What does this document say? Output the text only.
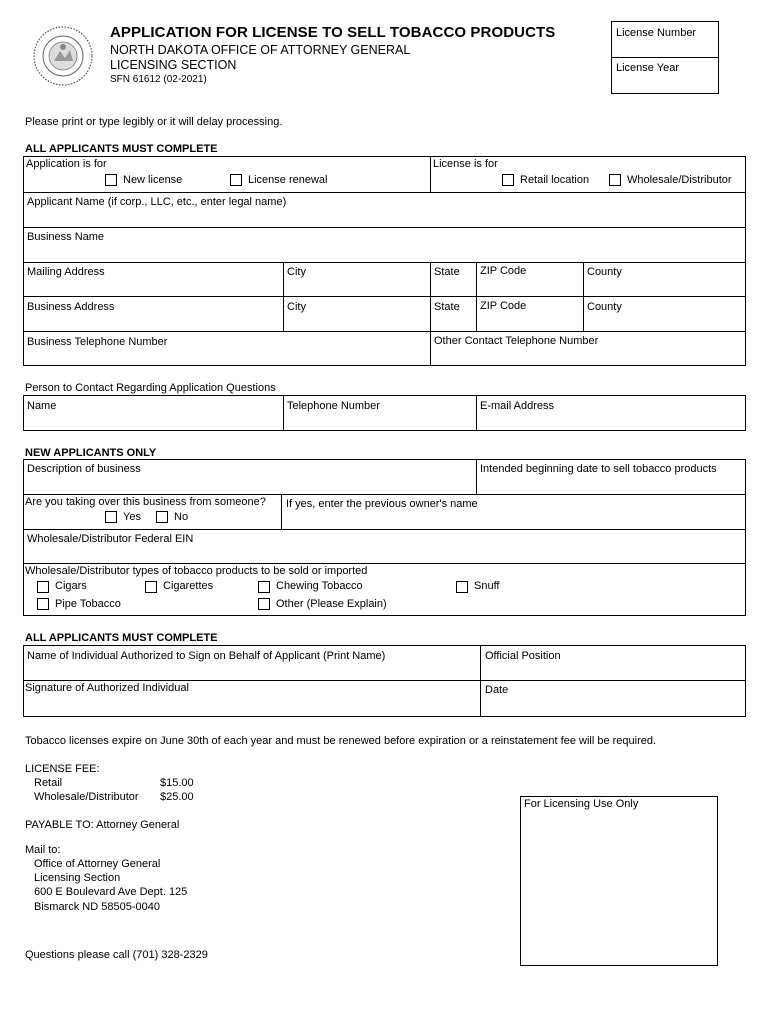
APPLICATION FOR LICENSE TO SELL TOBACCO PRODUCTS
NORTH DAKOTA OFFICE OF ATTORNEY GENERAL
LICENSING SECTION
SFN 61612 (02-2021)
License Number
License Year
Please print or type legibly or it will delay processing.
ALL APPLICANTS MUST COMPLETE
Application is for
New license	License renewal
License is for
Retail location	Wholesale/Distributor
Applicant Name (if corp., LLC, etc., enter legal name)
Business Name
Mailing Address	City	State ZIP Code	County
Business Address	City	State ZIP Code	County
Business Telephone Number	Other Contact Telephone Number
Person to Contact Regarding Application Questions
Name	Telephone Number	E-mail Address
NEW APPLICANTS ONLY
Description of business	Intended beginning date to sell tobacco products
Are you taking over this business from someone?
Yes	No
If yes, enter the previous owner's name
Wholesale/Distributor Federal EIN
Wholesale/Distributor types of tobacco products to be sold or imported
Cigars	Cigarettes	Chewing Tobacco	Snuff
Pipe Tobacco	Other (Please Explain)
ALL APPLICANTS MUST COMPLETE
Name of Individual Authorized to Sign on Behalf of Applicant (Print Name)	Official Position
Signature of Authorized Individual	Date
Tobacco licenses expire on June 30th of each year and must be renewed before expiration or a reinstatement fee will be required.
LICENSE FEE:
Retail	$15.00
Wholesale/Distributor $25.00
PAYABLE TO: Attorney General
Mail to:
Office of Attorney General
Licensing Section
600 E Boulevard Ave Dept. 125
Bismarck ND 58505-0040
Questions please call (701) 328-2329
For Licensing Use Only
